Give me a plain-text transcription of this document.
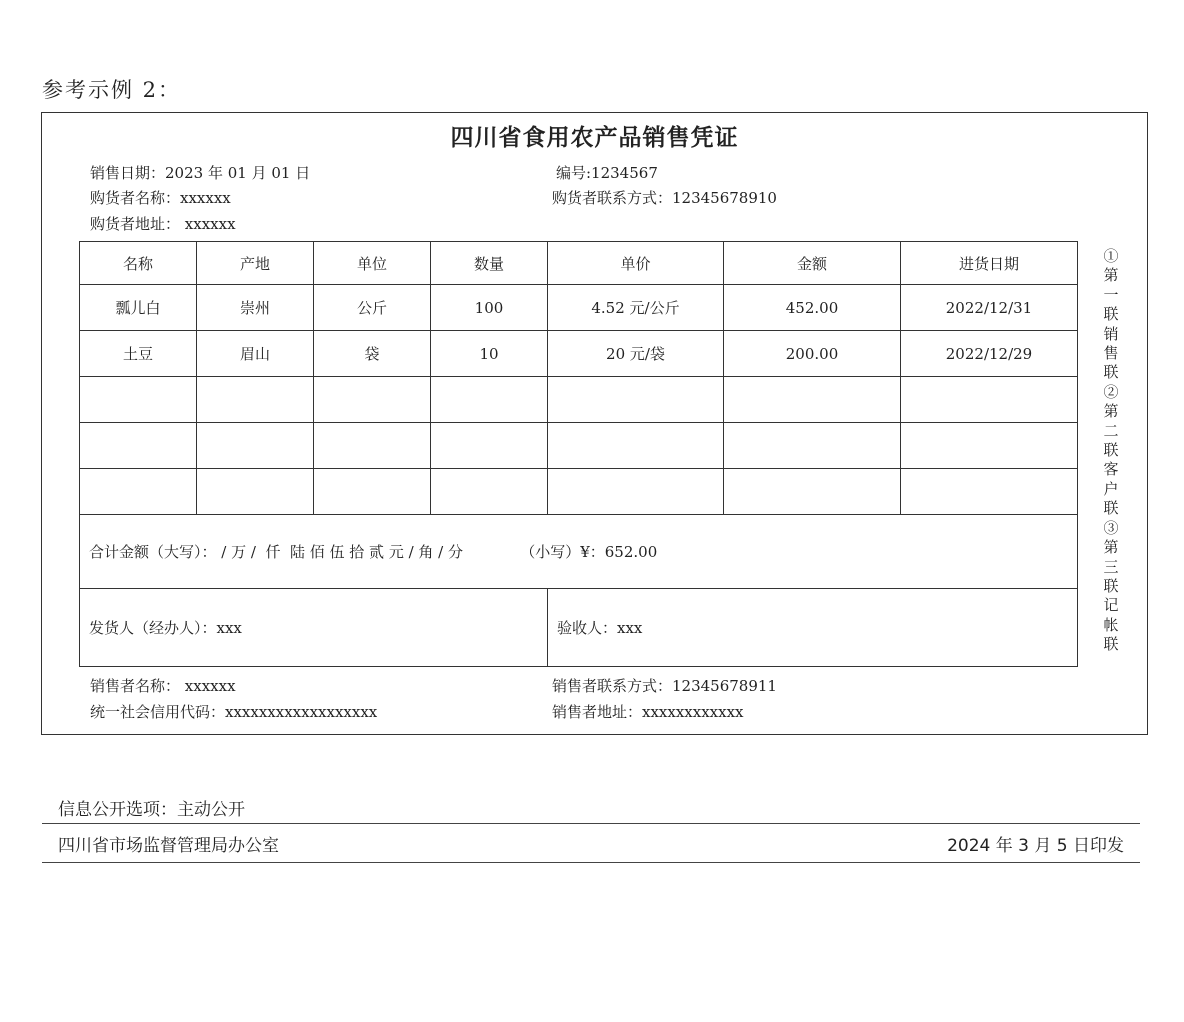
参考示例 2：
四川省食用农产品销售凭证
销售日期：2023 年 01 月 01 日	编号:1234567
购货者名称：xxxxxx	购货者联系方式：12345678910
购货者地址： xxxxxx
名称	产地	单位	数量	单价	金额	进货日期
瓢儿白	崇州	公斤	100	4.52 元/公斤	452.00	2022/12/31
土豆	眉山	袋	10	20 元/袋	200.00	2022/12/29

合计金额（大写）： / 万 /  仟  陆 佰 伍 拾 贰 元 / 角 / 分            （小写）¥：652.00						
发货人（经办人）：xxx				验收人：xxx		
①第一联销售联②第二联客户联③第三联记帐联
销售者名称： xxxxxx	销售者联系方式：12345678911
统一社会信用代码：xxxxxxxxxxxxxxxxxx	销售者地址：xxxxxxxxxxxx
信息公开选项：主动公开
四川省市场监督管理局办公室	2024 年 3 月 5 日印发
